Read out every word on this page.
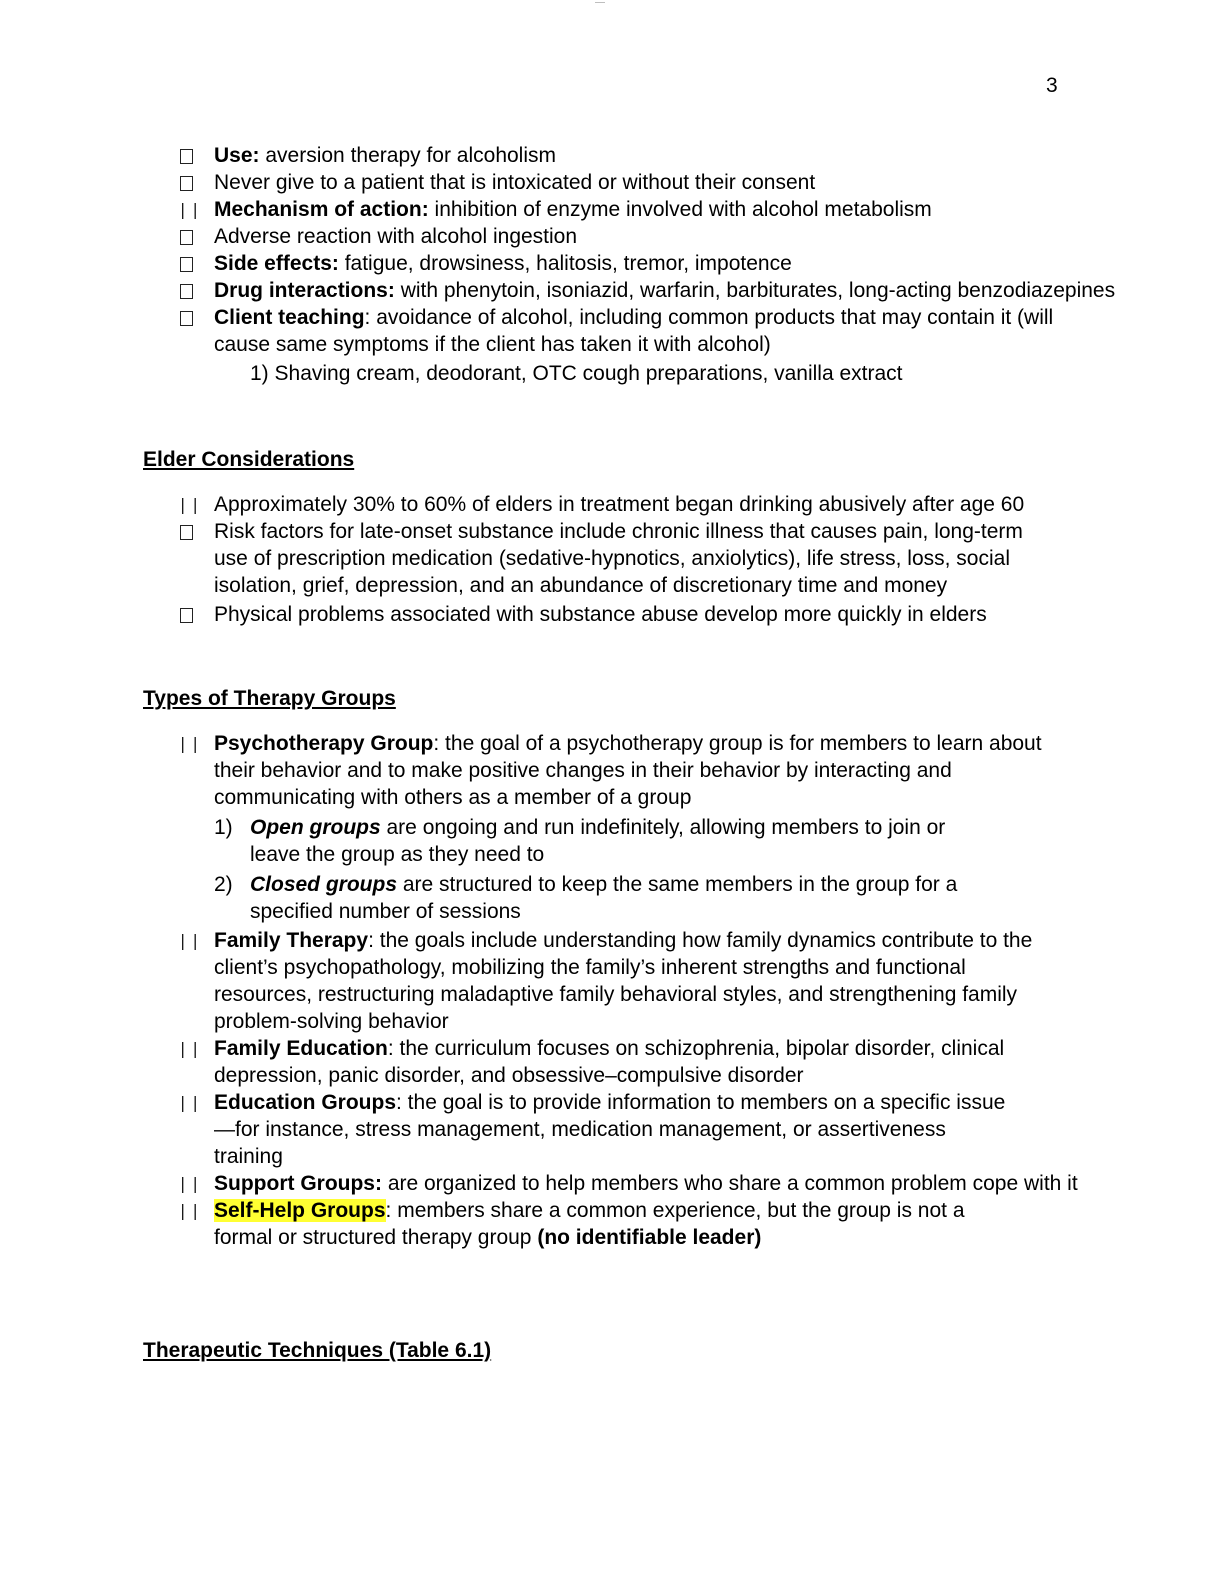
-----
3
Use: aversion therapy for alcoholism
Never give to a patient that is intoxicated or without their consent
| |
Mechanism of action: inhibition of enzyme involved with alcohol metabolism
Adverse reaction with alcohol ingestion
Side effects: fatigue, drowsiness, halitosis, tremor, impotence
Drug interactions: with phenytoin, isoniazid, warfarin, barbiturates, long-acting benzodiazepines
Client teaching: avoidance of alcohol, including common products that may contain it (will cause same symptoms if the client has taken it with alcohol)
1) Shaving cream, deodorant, OTC cough preparations, vanilla extract
Elder Considerations
| |
Approximately 30% to 60% of elders in treatment began drinking abusively after age 60
Risk factors for late-onset substance include chronic illness that causes pain, long-term use of prescription medication (sedative-hypnotics, anxiolytics), life stress, loss, social isolation, grief, depression, and an abundance of discretionary time and money
Physical problems associated with substance abuse develop more quickly in elders
Types of Therapy Groups
| |
Psychotherapy Group: the goal of a psychotherapy group is for members to learn about their behavior and to make positive changes in their behavior by interacting and communicating with others as a member of a group
1) Open groups are ongoing and run indefinitely, allowing members to join or leave the group as they need to
2) Closed groups are structured to keep the same members in the group for a specified number of sessions
| |
Family Therapy: the goals include understanding how family dynamics contribute to the client’s psychopathology, mobilizing the family’s inherent strengths and functional resources, restructuring maladaptive family behavioral styles, and strengthening family problem-solving behavior
| |
Family Education: the curriculum focuses on schizophrenia, bipolar disorder, clinical depression, panic disorder, and obsessive–compulsive disorder
| |
Education Groups: the goal is to provide information to members on a specific issue—for instance, stress management, medication management, or assertiveness training
| |
Support Groups: are organized to help members who share a common problem cope with it
| |
Self-Help Groups: members share a common experience, but the group is not a formal or structured therapy group (no identifiable leader)
Therapeutic Techniques (Table 6.1)
